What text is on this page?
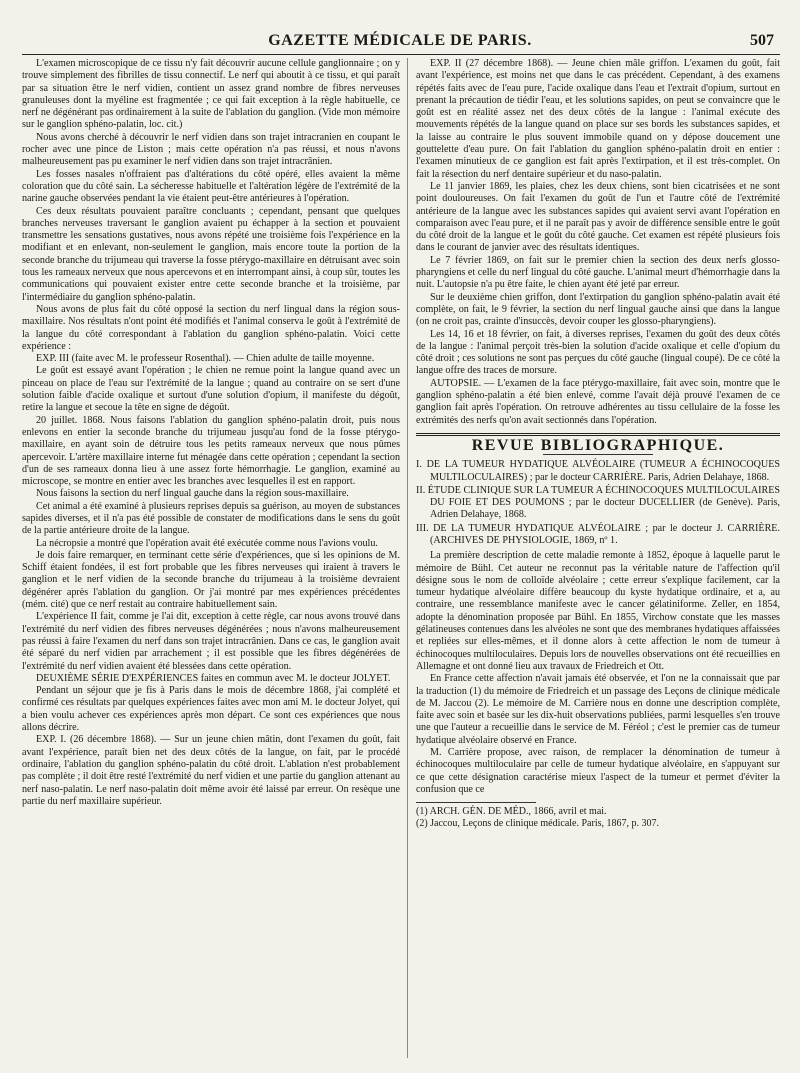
GAZETTE MÉDICALE DE PARIS.	507

L'examen microscopique de ce tissu n'y fait découvrir aucune cellule ganglionnaire ; on y trouve simplement des fibrilles de tissu connectif. Le nerf qui aboutit à ce tissu, et qui paraît par sa situation être le nerf vidien, contient un assez grand nombre de fibres nerveuses granuleuses dont la myéline est fragmentée ; ce qui fait exception à la règle habituelle, ce nerf ne dégénérant pas ordinairement à la suite de l'ablation du ganglion. (Vide mon mémoire sur le ganglion sphéno-palatin, loc. cit.)

Nous avons cherché à découvrir le nerf vidien dans son trajet intracranien en coupant le rocher avec une pince de Liston ; mais cette opération n'a pas réussi, et nous n'avons malheureusement pas pu examiner le nerf vidien dans son trajet intracrânien.

Les fosses nasales n'offraient pas d'altérations du côté opéré, elles avaient la même coloration que du côté sain. La sécheresse habituelle et l'altération légère de l'extrémité de la narine gauche observées pendant la vie étaient peut-être antérieures à l'opération.

Ces deux résultats pouvaient paraître concluants ; cependant, pensant que quelques branches nerveuses traversant le ganglion avaient pu échapper à la section et pouvaient transmettre les sensations gustatives, nous avons répété une troisième fois l'expérience en la modifiant et en enlevant, non-seulement le ganglion, mais encore toute la portion de la seconde branche du trijumeau qui traverse la fosse ptérygo-maxillaire en détruisant avec soin tous les rameaux nerveux que nous apercevons et en interrompant ainsi, à coup sûr, toutes les communications qui pouvaient exister entre cette seconde branche et la troisième, par l'intermédiaire du ganglion sphéno-palatin.

Nous avons de plus fait du côté opposé la section du nerf lingual dans la région sous-maxillaire. Nos résultats n'ont point été modifiés et l'animal conserva le goût à l'extrémité de la langue du côté correspondant à l'ablation du ganglion sphéno-palatin. Voici cette expérience :

EXP. III (faite avec M. le professeur Rosenthal). — Chien adulte de taille moyenne.

Le goût est essayé avant l'opération ; le chien ne remue point la langue quand avec un pinceau on place de l'eau sur l'extrémité de la langue ; quand au contraire on se sert d'une solution faible d'acide oxalique et surtout d'une solution d'opium, il manifeste du dégoût, retire la langue et secoue la tête en signe de dégoût.

20 juillet. 1868. Nous faisons l'ablation du ganglion sphéno-palatin droit, puis nous enlevons en entier la seconde branche du trijumeau jusqu'au fond de la fosse ptérygo-maxillaire, en ayant soin de détruire tous les petits rameaux nerveux que nous pûmes apercevoir. L'artère maxillaire interne fut ménagée dans cette opération ; cependant la section d'un de ses rameaux donna lieu à une assez forte hémorrhagie. Le ganglion, examiné au microscope, se montre en entier avec les branches avec lesquelles il est en rapport.

Nous faisons la section du nerf lingual gauche dans la région sous-maxillaire.

Cet animal a été examiné à plusieurs reprises depuis sa guérison, au moyen de substances sapides diverses, et il n'a pas été possible de constater de modifications dans le sens du goût de la partie antérieure droite de la langue.

La nécropsie a montré que l'opération avait été exécutée comme nous l'avions voulu.

Je dois faire remarquer, en terminant cette série d'expériences, que si les opinions de M. Schiff étaient fondées, il est fort probable que les fibres nerveuses qui iraient à travers le ganglion et le nerf vidien de la seconde branche du trijumeau à la troisième devraient dégénérer après l'ablation du ganglion. Or j'ai montré par mes expériences précédentes (mém. cité) que ce nerf restait au contraire habituellement sain.

L'expérience II fait, comme je l'ai dit, exception à cette règle, car nous avons trouvé dans l'extrémité du nerf vidien des fibres nerveuses dégénérées ; nous n'avons malheureusement pas réussi à faire l'examen du nerf dans son trajet intracrânien. Dans ce cas, le ganglion avait été séparé du nerf vidien par arrachement ; il est possible que les fibres dégénérées de l'extrémité du nerf vidien avaient été blessées dans cette opération.

DEUXIÈME SÉRIE D'EXPÉRIENCES faites en commun avec M. le docteur JOLYET.

Pendant un séjour que je fis à Paris dans le mois de décembre 1868, j'ai complété et confirmé ces résultats par quelques expériences faites avec mon ami M. le docteur Jolyet, qui a bien voulu achever ces expériences après mon départ. Ce sont ces expériences que nous allons décrire.

EXP. I. (26 décembre 1868). — Sur un jeune chien mâtin, dont l'examen du goût, fait avant l'expérience, paraît bien net des deux côtés de la langue, on fait, par le procédé ordinaire, l'ablation du ganglion sphéno-palatin du côté droit. L'ablation n'est probablement pas complète ; il doit être resté l'extrémité du nerf vidien et une partie du ganglion attenant au nerf naso-palatin. Le nerf naso-palatin doit même avoir été laissé par erreur. On resèque une partie du nerf maxillaire supérieur.

EXP. II (27 décembre 1868). — Jeune chien mâle griffon. L'examen du goût, fait avant l'expérience, est moins net que dans le cas précédent. Cependant, à des examens répétés faits avec de l'eau pure, l'acide oxalique dans l'eau et l'extrait d'opium, surtout en prenant la précaution de tiédir l'eau, et les solutions sapides, on peut se convaincre que le goût est en réalité assez net des deux côtés de la langue : l'animal exécute des mouvements répétés de la langue quand on place sur ses bords les substances sapides, et la laisse au contraire le plus souvent immobile quand on y dépose doucement une gouttelette d'eau pure. On fait l'ablation du ganglion sphéno-palatin droit en entier : l'examen minutieux de ce ganglion est fait après l'extirpation, et il est très-complet. On fait la résection du nerf dentaire supérieur et du naso-palatin.

Le 11 janvier 1869, les plaies, chez les deux chiens, sont bien cicatrisées et ne sont point douloureuses. On fait l'examen du goût de l'un et l'autre côté de l'extrémité antérieure de la langue avec les substances sapides qui avaient servi avant l'opération en comparaison avec l'eau pure, et il ne paraît pas y avoir de différence sensible entre le goût du côté droit de la langue et le goût du côté gauche. Cet examen est répété plusieurs fois dans le courant de janvier avec des résultats identiques.

Le 7 février 1869, on fait sur le premier chien la section des deux nerfs glosso-pharyngiens et celle du nerf lingual du côté gauche. L'animal meurt d'hémorrhagie dans la nuit. L'autopsie n'a pu être faite, le chien ayant été jeté par erreur.

Sur le deuxième chien griffon, dont l'extirpation du ganglion sphéno-palatin avait été complète, on fait, le 9 février, la section du nerf lingual gauche ainsi que dans la langue (on ne croit pas, crainte d'insuccès, devoir couper les glosso-pharyngiens).

Les 14, 16 et 18 février, on fait, à diverses reprises, l'examen du goût des deux côtés de la langue : l'animal perçoit très-bien la solution d'acide oxalique et celle d'opium du côté droit ; ces solutions ne sont pas perçues du côté gauche (lingual coupé). De ce côté la langue offre des traces de morsure.

AUTOPSIE. — L'examen de la face ptérygo-maxillaire, fait avec soin, montre que le ganglion sphéno-palatin a été bien enlevé, comme l'avait déjà prouvé l'examen de ce ganglion fait après l'opération. On retrouve adhérentes au tissu cellulaire de la fosse les extrémités des nerfs qu'on avait sectionnés dans l'opération.

REVUE BIBLIOGRAPHIQUE.

I. DE LA TUMEUR HYDATIQUE ALVÉOLAIRE (TUMEUR A ÉCHINOCOQUES MULTILOCULAIRES) ; par le docteur CARRIÈRE. Paris, Adrien Delahaye, 1868.

II. ÉTUDE CLINIQUE SUR LA TUMEUR A ÉCHINOCOQUES MULTILOCULAIRES DU FOIE ET DES POUMONS ; par le docteur DUCELLIER (de Genève). Paris, Adrien Delahaye, 1868.

III. DE LA TUMEUR HYDATIQUE ALVÉOLAIRE ; par le docteur J. CARRIÈRE. (ARCHIVES DE PHYSIOLOGIE, 1869, nº 1.

La première description de cette maladie remonte à 1852, époque à laquelle parut le mémoire de Bühl. Cet auteur ne reconnut pas la véritable nature de l'affection qu'il désigne sous le nom de colloïde alvéolaire ; cette erreur s'explique facilement, car la tumeur hydatique alvéolaire diffère beaucoup du kyste hydatique ordinaire, et a, au contraire, une ressemblance manifeste avec le cancer gélatiniforme. Zeller, en 1854, adopte la dénomination proposée par Bühl. En 1855, Virchow constate que les masses gélatineuses contenues dans les alvéoles ne sont que des membranes hydatiques affaissées et repliées sur elles-mêmes, et il donne alors à cette affection le nom de tumeur à échinocoques multiloculaires. Depuis lors de nouvelles observations ont été recueillies en Allemagne et ont donné lieu aux travaux de Friedreich et Ott.

En France cette affection n'avait jamais été observée, et l'on ne la connaissait que par la traduction (1) du mémoire de Friedreich et un passage des Leçons de clinique médicale de M. Jaccou (2). Le mémoire de M. Carrière nous en donne une description complète, faite avec soin et basée sur les dix-huit observations publiées, parmi lesquelles s'en trouve une que l'auteur a recueillie dans le service de M. Féréol ; c'est le premier cas de tumeur hydatique alvéolaire observé en France.

M. Carrière propose, avec raison, de remplacer la dénomination de tumeur à échinocoques multiloculaire par celle de tumeur hydatique alvéolaire, en s'appuyant sur ce que cette désignation caractérise mieux l'aspect de la tumeur et permet d'éviter la confusion que ce

(1) ARCH. GÉN. DE MÉD., 1866, avril et mai.

(2) Jaccou, Leçons de clinique médicale. Paris, 1867, p. 307.
